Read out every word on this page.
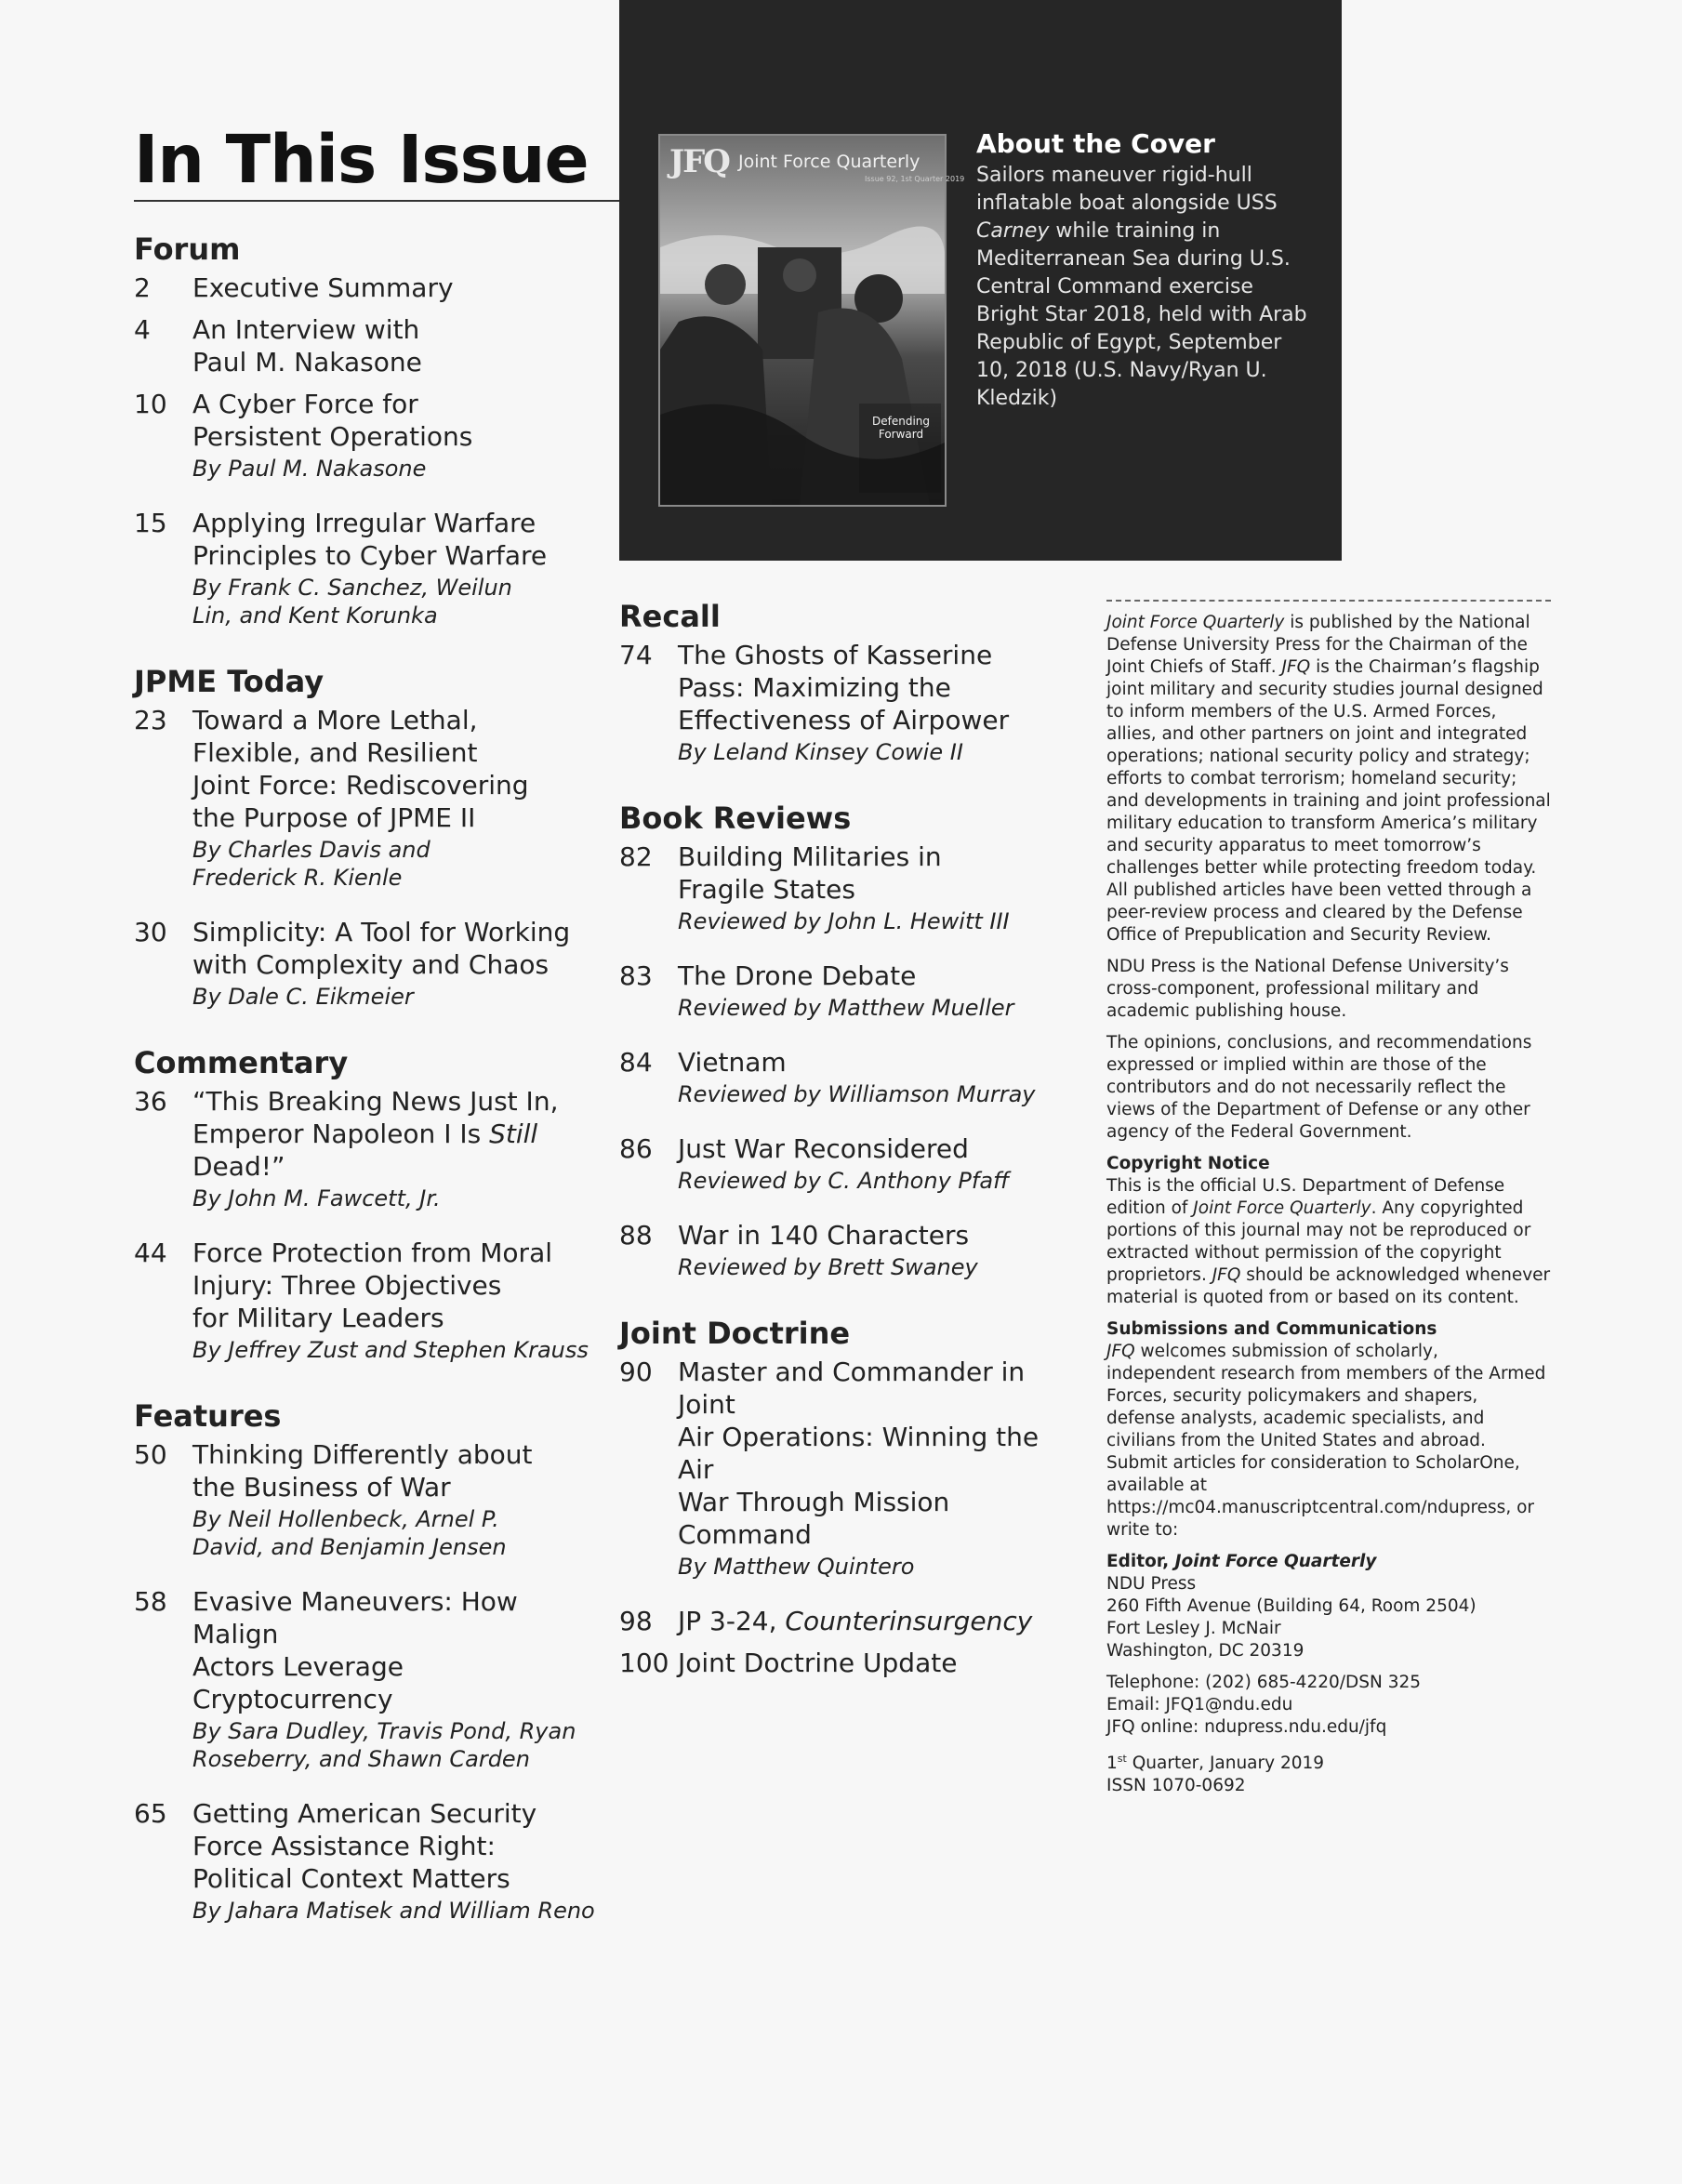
In This Issue	JFQ Joint Force Quarterly
Issue 92, 1st Quarter 2019
Defending Forward
About the Cover
Sailors maneuver rigid-hull inflatable boat alongside USS Carney while training in Mediterranean Sea during U.S. Central Command exercise Bright Star 2018, held with Arab Republic of Egypt, September 10, 2018 (U.S. Navy/Ryan U. Kledzik)
Forum
2	Executive Summary
4	An Interview with
Paul M. Nakasone
10 A Cyber Force for
Persistent Operations
By Paul M. Nakasone
15 Applying Irregular Warfare
Principles to Cyber Warfare
By Frank C. Sanchez, Weilun
Lin, and Kent Korunka
JPME Today
23 Toward a More Lethal,
Flexible, and Resilient
Joint Force: Rediscovering
the Purpose of JPME II
By Charles Davis and
Frederick R. Kienle
30 Simplicity: A Tool for Working
with Complexity and Chaos
By Dale C. Eikmeier
Commentary
36 “This Breaking News Just In,
Emperor Napoleon I Is Still Dead!”
By John M. Fawcett, Jr.
44 Force Protection from Moral
Injury: Three Objectives
for Military Leaders
By Jeffrey Zust and Stephen Krauss
Features
50 Thinking Differently about
the Business of War
By Neil Hollenbeck, Arnel P.
David, and Benjamin Jensen
58 Evasive Maneuvers: How Malign
Actors Leverage Cryptocurrency
By Sara Dudley, Travis Pond, Ryan
Roseberry, and Shawn Carden
65 Getting American Security
Force Assistance Right:
Political Context Matters
By Jahara Matisek and William Reno
Recall
74 The Ghosts of Kasserine
Pass: Maximizing the
Effectiveness of Airpower
By Leland Kinsey Cowie II
Book Reviews
82 Building Militaries in
Fragile States
Reviewed by John L. Hewitt III
83 The Drone Debate
Reviewed by Matthew Mueller
84 Vietnam
Reviewed by Williamson Murray
86 Just War Reconsidered
Reviewed by C. Anthony Pfaff
88 War in 140 Characters
Reviewed by Brett Swaney
Joint Doctrine
90 Master and Commander in Joint
Air Operations: Winning the Air
War Through Mission Command
By Matthew Quintero
98 JP 3-24, Counterinsurgency
100 Joint Doctrine Update

Joint Force Quarterly is published by the National Defense University Press for the Chairman of the Joint Chiefs of Staff. JFQ is the Chairman’s flagship joint military and security studies journal designed to inform members of the U.S. Armed Forces, allies, and other partners on joint and integrated operations; national security policy and strategy; efforts to combat terrorism; homeland security; and developments in training and joint professional military education to transform America’s military and security apparatus to meet tomorrow’s challenges better while protecting freedom today. All published articles have been vetted through a peer-review process and cleared by the Defense Office of Prepublication and Security Review.

NDU Press is the National Defense University’s cross-component, professional military and academic publishing house.

The opinions, conclusions, and recommendations expressed or implied within are those of the contributors and do not necessarily reflect the views of the Department of Defense or any other agency of the Federal Government.

Copyright Notice
This is the official U.S. Department of Defense edition of Joint Force Quarterly. Any copyrighted portions of this journal may not be reproduced or extracted without permission of the copyright proprietors. JFQ should be acknowledged whenever material is quoted from or based on its content.

Submissions and Communications
JFQ welcomes submission of scholarly, independent research from members of the Armed Forces, security policymakers and shapers, defense analysts, academic specialists, and civilians from the United States and abroad. Submit articles for consideration to ScholarOne, available at https://mc04.manuscriptcentral.com/ndupress, or write to:

Editor, Joint Force Quarterly
NDU Press
260 Fifth Avenue (Building 64, Room 2504)
Fort Lesley J. McNair
Washington, DC 20319

Telephone: (202) 685-4220/DSN 325
Email: JFQ1@ndu.edu
JFQ online: ndupress.ndu.edu/jfq

1st Quarter, January 2019
ISSN 1070-0692
